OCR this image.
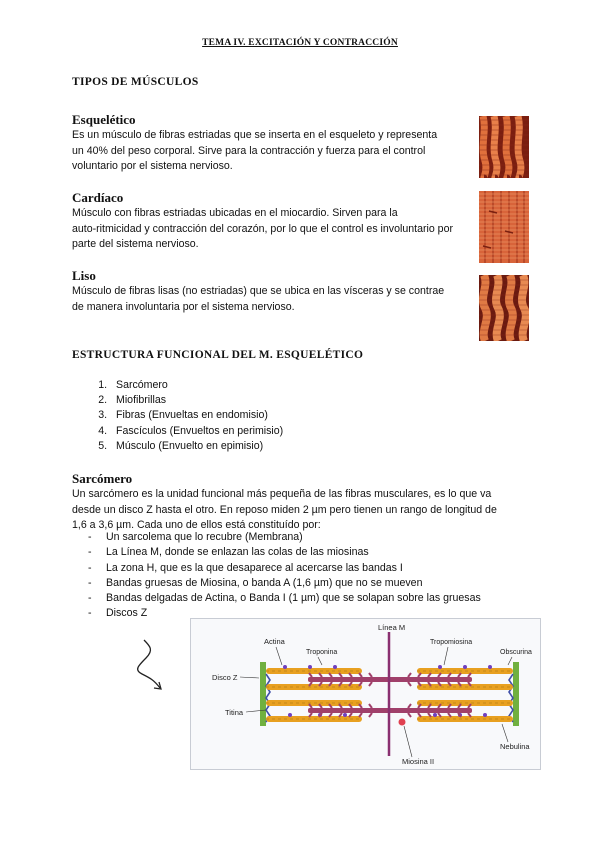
TEMA IV. EXCITACIÓN Y CONTRACCIÓN
TIPOS DE MÚSCULOS
Esquelético
Es un músculo de fibras estriadas que se inserta en el esqueleto y representa
un 40% del peso corporal. Sirve para la contracción y fuerza para el control
voluntario por el sistema nervioso.
Cardíaco
Músculo con fibras estriadas ubicadas en el miocardio. Sirven para la
auto-ritmicidad y contracción del corazón, por lo que el control es involuntario por
parte del sistema nervioso.
Liso
Músculo de fibras lisas (no estriadas) que se ubica en las vísceras y se contrae
de manera involuntaria por el sistema nervioso.
ESTRUCTURA FUNCIONAL DEL M. ESQUELÉTICO
1. Sarcómero
2. Miofibrillas
3. Fibras (Envueltas en endomisio)
4. Fascículos (Envueltos en perimisio)
5. Músculo (Envuelto en epimisio)
Sarcómero
Un sarcómero es la unidad funcional más pequeña de las fibras musculares, es lo que va
desde un disco Z hasta el otro. En reposo miden 2 µm pero tienen un rango de longitud de
1,6 a 3,6 µm. Cada uno de ellos está constituído por:
- Un sarcolema que lo recubre (Membrana)
- La Línea M, donde se enlazan las colas de las miosinas
- La zona H, que es la que desaparece al acercarse las bandas I
- Bandas gruesas de Miosina, o banda A (1,6 µm) que no se mueven
- Bandas delgadas de Actina, o Banda I (1 µm) que se solapan sobre las gruesas
- Discos Z
Línea M
Actina
Troponina
Tropomiosina
Obscurina
Disco Z
Titina
Nebulina
Miosina II
